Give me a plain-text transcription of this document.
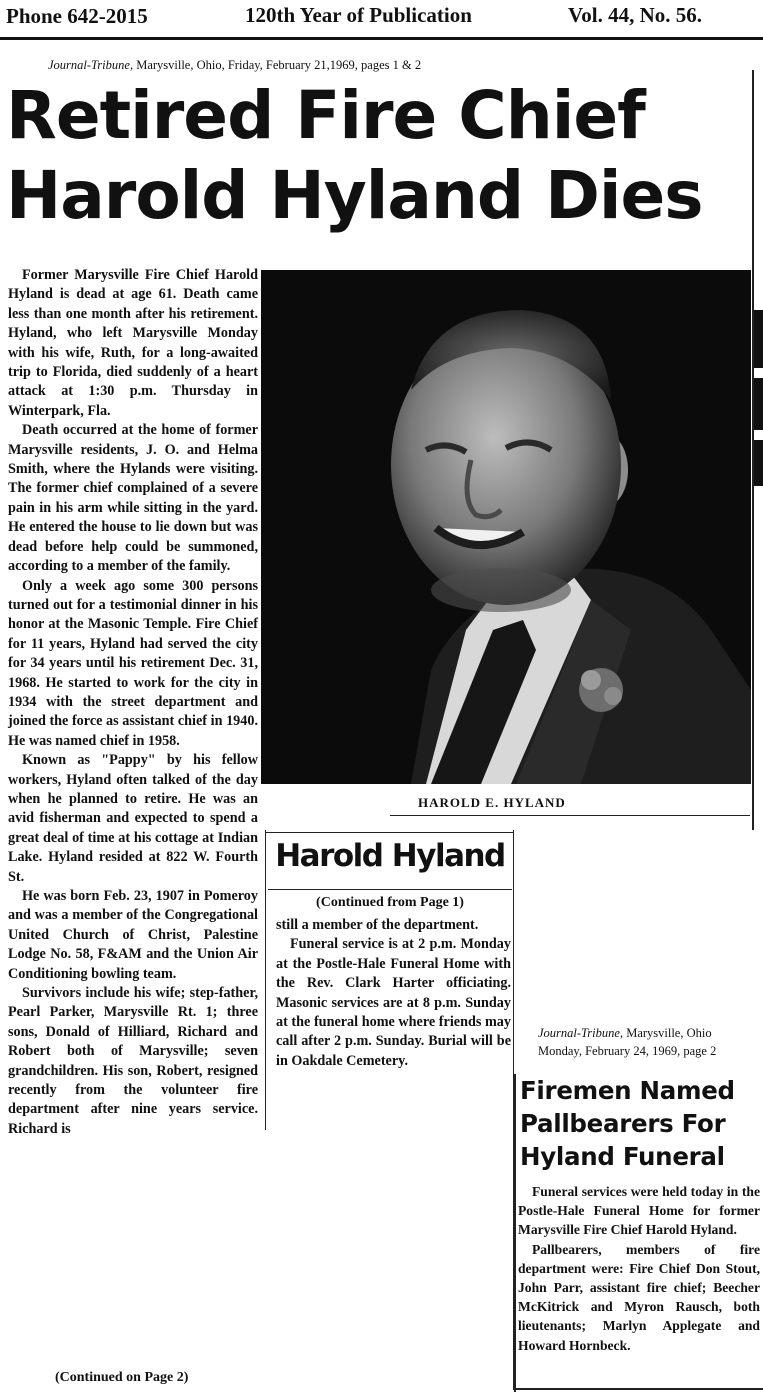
Phone 642-2015	120th Year of Publication	Vol. 44, No. 56.
Journal-Tribune, Marysville, Ohio, Friday, February 21,1969, pages 1 & 2
Retired Fire Chief
Harold Hyland Dies

Former Marysville Fire Chief Harold Hyland is dead at age 61. Death came less than one month after his retirement. Hyland, who left Marysville Monday with his wife, Ruth, for a long-awaited trip to Florida, died suddenly of a heart attack at 1:30 p.m. Thursday in Winterpark, Fla.

Death occurred at the home of former Marysville residents, J. O. and Helma Smith, where the Hylands were visiting. The former chief complained of a severe pain in his arm while sitting in the yard. He entered the house to lie down but was dead before help could be summoned, according to a member of the family.

Only a week ago some 300 persons turned out for a testimonial dinner in his honor at the Masonic Temple. Fire Chief for 11 years, Hyland had served the city for 34 years until his retirement Dec. 31, 1968. He started to work for the city in 1934 with the street department and joined the force as assistant chief in 1940. He was named chief in 1958.

Known as "Pappy" by his fellow workers, Hyland often talked of the day when he planned to retire. He was an avid fisherman and expected to spend a great deal of time at his cottage at Indian Lake. Hyland resided at 822 W. Fourth St.

He was born Feb. 23, 1907 in Pomeroy and was a member of the Congregational United Church of Christ, Palestine Lodge No. 58, F&AM and the Union Air Conditioning bowling team.

Survivors include his wife; step-father, Pearl Parker, Marysville Rt. 1; three sons, Donald of Hilliard, Richard and Robert both of Marysville; seven grandchildren. His son, Robert, resigned recently from the volunteer fire department after nine years service. Richard is

(Continued on Page 2)
HAROLD E. HYLAND
Harold Hyland
(Continued from Page 1)

still a member of the department.

Funeral service is at 2 p.m. Monday at the Postle-Hale Funeral Home with the Rev. Clark Harter officiating. Masonic services are at 8 p.m. Sunday at the funeral home where friends may call after 2 p.m. Sunday. Burial will be in Oakdale Cemetery.

Journal-Tribune, Marysville, Ohio
Monday, February 24, 1969, page 2
Firemen Named Pallbearers For Hyland Funeral

Funeral services were held today in the Postle-Hale Funeral Home for former Marysville Fire Chief Harold Hyland.

Pallbearers, members of fire department were: Fire Chief Don Stout, John Parr, assistant fire chief; Beecher McKitrick and Myron Rausch, both lieutenants; Marlyn Applegate and Howard Hornbeck.
